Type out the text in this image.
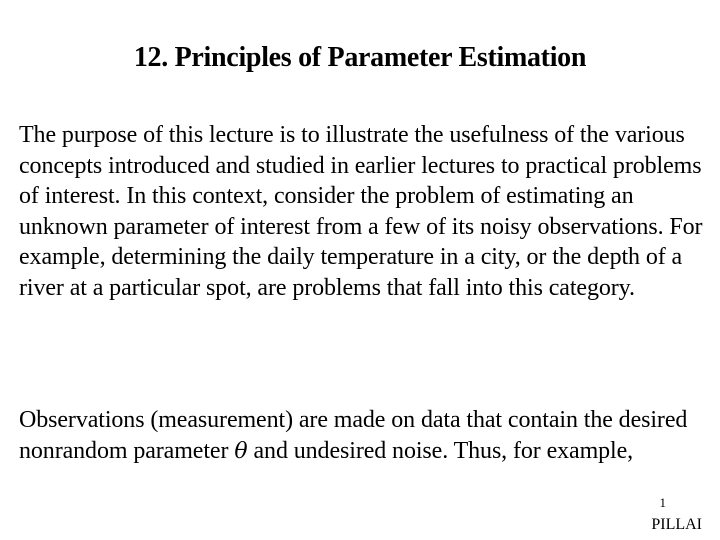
12. Principles of Parameter Estimation

The purpose of this lecture is to illustrate the usefulness of the various concepts introduced and studied in earlier lectures to practical problems of interest. In this context, consider the problem of estimating an unknown parameter of interest from a few of its noisy observations. For example, determining the daily temperature in a city, or the depth of a river at a particular spot, are problems that fall into this category.

Observations (measurement) are made on data that contain the desired nonrandom parameter θ and undesired noise. Thus, for example,

1
PILLAI
